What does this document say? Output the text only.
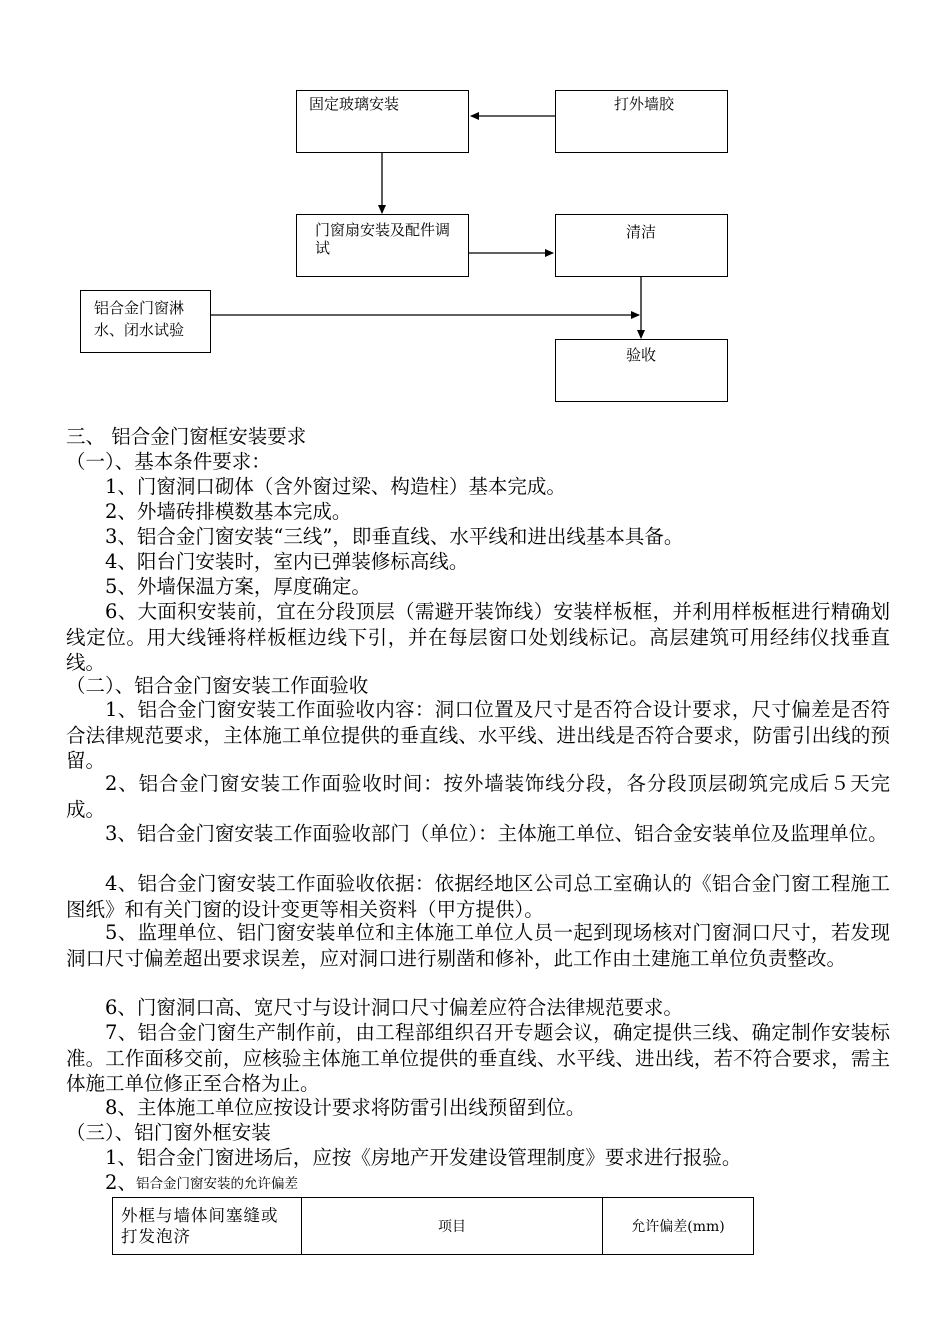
固定玻璃安装	打外墙胶
门窗扇安装及配件调试
清洁
铝合金门窗淋水、闭水试验
验收
三、 铝合金门窗框安装要求
（一）、基本条件要求：
1、门窗洞口砌体（含外窗过梁、构造柱）基本完成。
2、外墙砖排模数基本完成。
3、铝合金门窗安装“三线”，即垂直线、水平线和进出线基本具备。
4、阳台门安装时，室内已弹装修标高线。
5、外墙保温方案，厚度确定。
6、大面积安装前，宜在分段顶层（需避开装饰线）安装样板框，并利用样板框进行精确划线定位。用大线锤将样板框边线下引，并在每层窗口处划线标记。高层建筑可用经纬仪找垂直线。
（二）、铝合金门窗安装工作面验收
1、铝合金门窗安装工作面验收内容：洞口位置及尺寸是否符合设计要求，尺寸偏差是否符合法律规范要求，主体施工单位提供的垂直线、水平线、进出线是否符合要求，防雷引出线的预留。
2、铝合金门窗安装工作面验收时间：按外墙装饰线分段，各分段顶层砌筑完成后５天完成。
3、铝合金门窗安装工作面验收部门（单位）：主体施工单位、铝合金安装单位及监理单位。
4、铝合金门窗安装工作面验收依据：依据经地区公司总工室确认的《铝合金门窗工程施工图纸》和有关门窗的设计变更等相关资料（甲方提供）。
5、监理单位、铝门窗安装单位和主体施工单位人员一起到现场核对门窗洞口尺寸，若发现洞口尺寸偏差超出要求误差，应对洞口进行剔凿和修补，此工作由土建施工单位负责整改。
6、门窗洞口高、宽尺寸与设计洞口尺寸偏差应符合法律规范要求。
7、铝合金门窗生产制作前，由工程部组织召开专题会议，确定提供三线、确定制作安装标准。工作面移交前，应核验主体施工单位提供的垂直线、水平线、进出线，若不符合要求，需主体施工单位修正至合格为止。
8、主体施工单位应按设计要求将防雷引出线预留到位。
（三）、铝门窗外框安装
1、铝合金门窗进场后，应按《房地产开发建设管理制度》要求进行报验。
2、 铝合金门窗安装的允许偏差
外框与墙体间塞缝或打发泡济	项目	允许偏差(mm)
